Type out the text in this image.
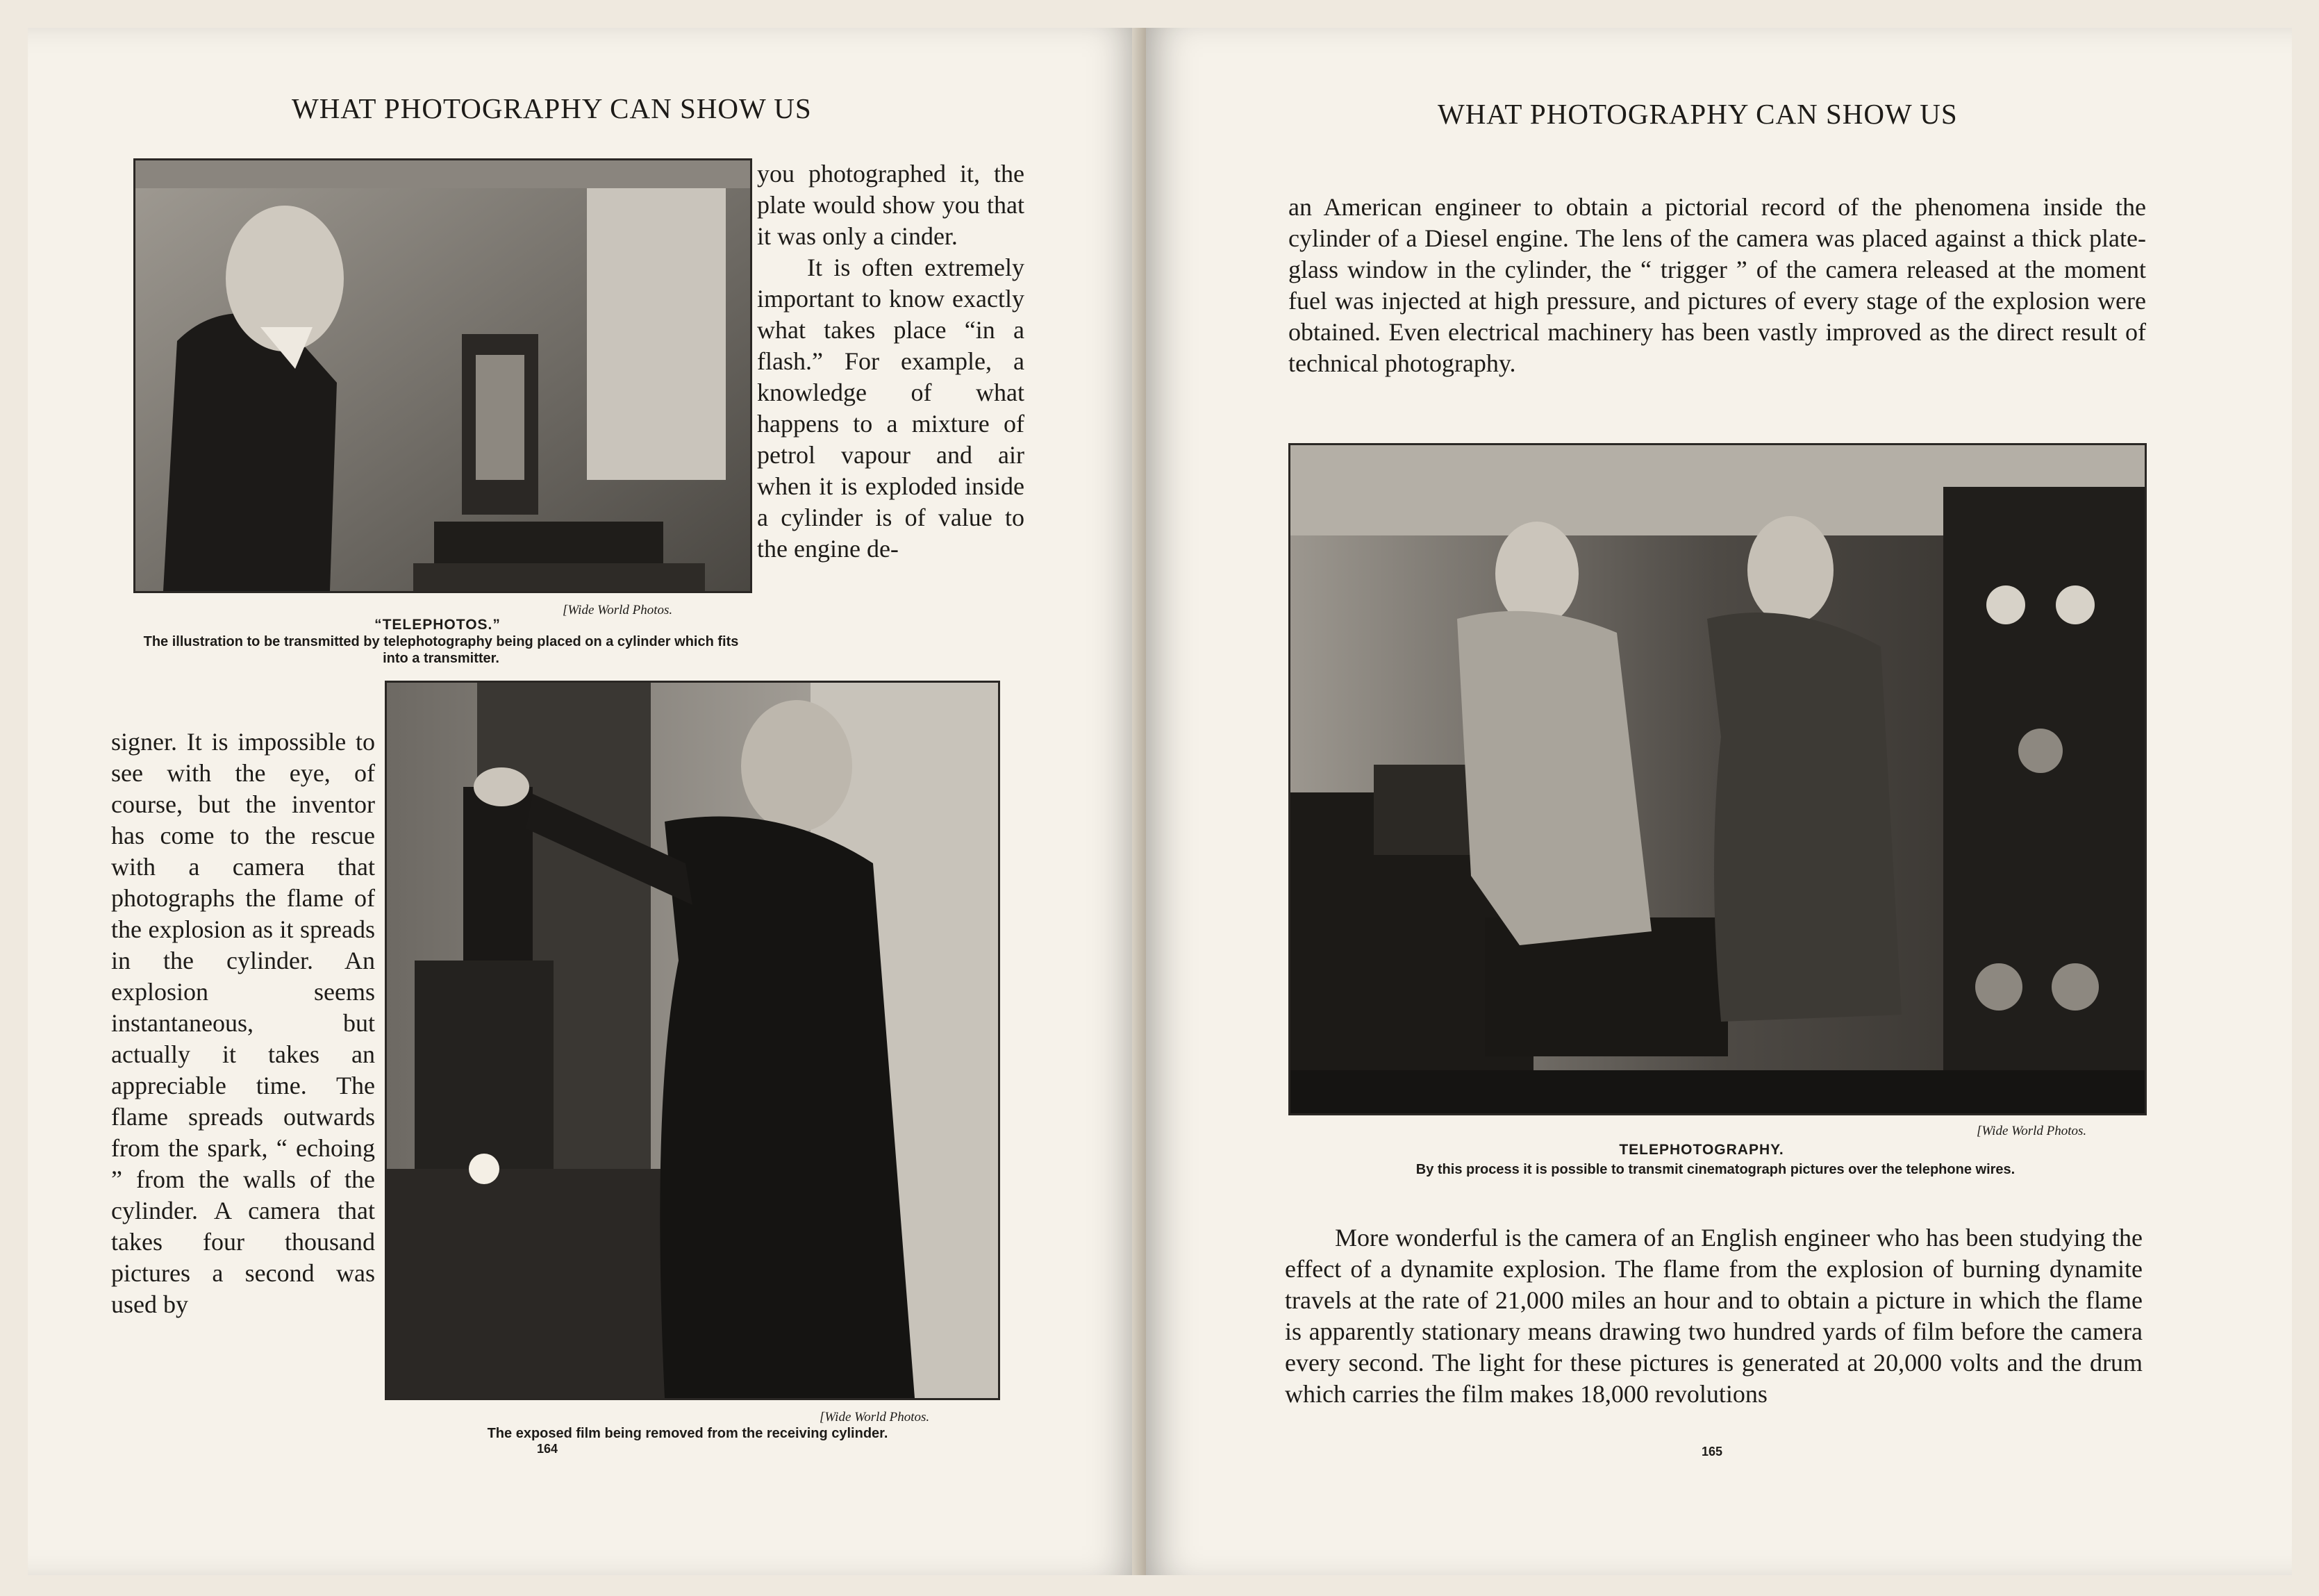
WHAT PHOTOGRAPHY CAN SHOW US
[Wide World Photos.
“TELEPHOTOS.”
The illustration to be transmitted by telephotography being placed on a cylinder which fits into a transmitter.

you photographed it, the plate would show you that it was only a cinder.

It is often extremely important to know exactly what takes place “in a flash.” For example, a knowledge of what happens to a mixture of petrol vapour and air when it is exploded inside a cylinder is of value to the engine de-

[Wide World Photos.
The exposed film being removed from the receiving cylinder.

signer. It is impossible to see with the eye, of course, but the inventor has come to the rescue with a camera that photographs the flame of the explosion as it spreads in the cylinder. An explosion seems instantaneous, but actually it takes an appreciable time. The flame spreads outwards from the spark, “ echoing ” from the walls of the cylinder. A camera that takes four thousand pictures a second was used by

164
WHAT PHOTOGRAPHY CAN SHOW US

an American engineer to obtain a pictorial record of the phenomena inside the cylinder of a Diesel engine. The lens of the camera was placed against a thick plate-glass window in the cylinder, the “ trigger ” of the camera released at the moment fuel was injected at high pressure, and pictures of every stage of the explosion were obtained. Even electrical machinery has been vastly improved as the direct result of technical photography.

[Wide World Photos.
TELEPHOTOGRAPHY.
By this process it is possible to transmit cinematograph pictures over the telephone wires.

More wonderful is the camera of an English engineer who has been studying the effect of a dynamite explosion. The flame from the explosion of burning dynamite travels at the rate of 21,000 miles an hour and to obtain a picture in which the flame is apparently stationary means drawing two hundred yards of film before the camera every second. The light for these pictures is generated at 20,000 volts and the drum which carries the film makes 18,000 revolutions

165
